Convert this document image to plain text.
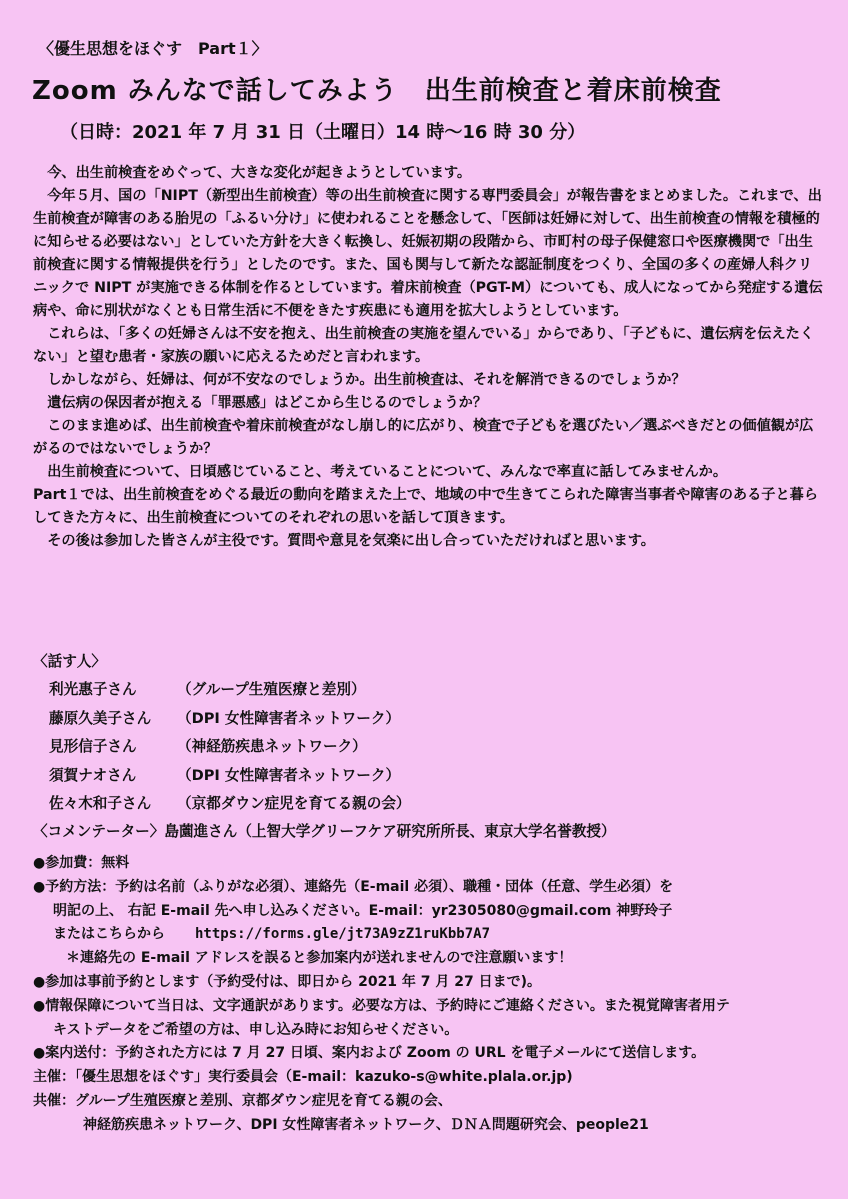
〈優生思想をほぐす　Part１〉
Zoom みんなで話してみよう　出生前検査と着床前検査
（日時：2021 年 7 月 31 日（土曜日）14 時～16 時 30 分）

今、出生前検査をめぐって、大きな変化が起きようとしています。

今年５月、国の「NIPT（新型出生前検査）等の出生前検査に関する専門委員会」が報告書をまとめました。これまで、出生前検査が障害のある胎児の「ふるい分け」に使われることを懸念して、「医師は妊婦に対して、出生前検査の情報を積極的に知らせる必要はない」としていた方針を大きく転換し、妊娠初期の段階から、市町村の母子保健窓口や医療機関で「出生前検査に関する情報提供を行う」としたのです。また、国も関与して新たな認証制度をつくり、全国の多くの産婦人科クリニックで NIPT が実施できる体制を作るとしています。着床前検査（PGT-M）についても、成人になってから発症する遺伝病や、命に別状がなくとも日常生活に不便をきたす疾患にも適用を拡大しようとしています。

これらは、「多くの妊婦さんは不安を抱え、出生前検査の実施を望んでいる」からであり、「子どもに、遺伝病を伝えたくない」と望む患者・家族の願いに応えるためだと言われます。

しかしながら、妊婦は、何が不安なのでしょうか。出生前検査は、それを解消できるのでしょうか？

遺伝病の保因者が抱える「罪悪感」はどこから生じるのでしょうか？

このまま進めば、出生前検査や着床前検査がなし崩し的に広がり、検査で子どもを選びたい／選ぶべきだとの価値観が広がるのではないでしょうか？

出生前検査について、日頃感じていること、考えていることについて、みんなで率直に話してみませんか。

Part１では、出生前検査をめぐる最近の動向を踏まえた上で、地域の中で生きてこられた障害当事者や障害のある子と暮らしてきた方々に、出生前検査についてのそれぞれの思いを話して頂きます。

その後は参加した皆さんが主役です。質問や意見を気楽に出し合っていただければと思います。

〈話す人〉
利光惠子さん	（グループ生殖医療と差別）
藤原久美子さん	（DPI 女性障害者ネットワーク）
見形信子さん	（神経筋疾患ネットワーク）
須賀ナオさん	（DPI 女性障害者ネットワーク）
佐々木和子さん	（京都ダウン症児を育てる親の会）
〈コメンテーター〉島薗進さん（上智大学グリーフケア研究所所長、東京大学名誉教授）
●参加費：無料
●予約方法：予約は名前（ふりがな必須）、連絡先（E-mail 必須）、職種・団体（任意、学生必須）を
明記の上、 右記 E-mail 先へ申し込みください。E-mail：yr2305080@gmail.com 神野玲子
またはこちらから https://forms.gle/jt73A9zZ1ruKbb7A7
＊連絡先の E-mail アドレスを誤ると参加案内が送れませんので注意願います！
●参加は事前予約とします（予約受付は、即日から 2021 年 7 月 27 日まで)。
●情報保障について当日は、文字通訳があります。必要な方は、予約時にご連絡ください。また視覚障害者用テ
キストデータをご希望の方は、申し込み時にお知らせください。
●案内送付：予約された方には 7 月 27 日頃、案内および Zoom の URL を電子メールにて送信します。
主催：「優生思想をほぐす」実行委員会（E-mail：kazuko-s@white.plala.or.jp)
共催：グループ生殖医療と差別、京都ダウン症児を育てる親の会、
神経筋疾患ネットワーク、DPI 女性障害者ネットワーク、ＤＮＡ問題研究会、people21
